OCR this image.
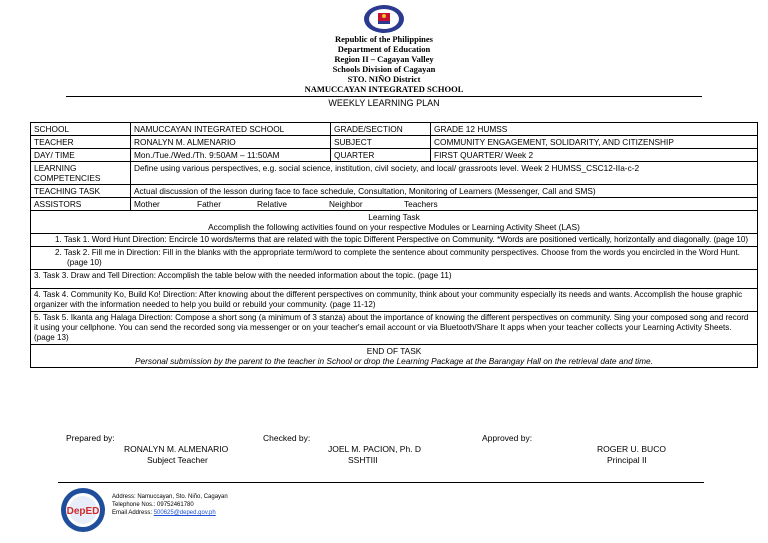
Republic of the Philippines
Department of Education
Region II – Cagayan Valley
Schools Division of Cagayan
STO. NIÑO District
NAMUCCAYAN INTEGRATED SCHOOL
WEEKLY LEARNING PLAN
SCHOOL	NAMUCCAYAN INTEGRATED SCHOOL	GRADE/SECTION	GRADE 12 HUMSS
TEACHER	RONALYN M. ALMENARIO	SUBJECT	COMMUNITY ENGAGEMENT, SOLIDARITY, AND CITIZENSHIP
DAY/ TIME	Mon./Tue./Wed./Th. 9:50AM – 11:50AM	QUARTER	FIRST QUARTER/ Week 2
LEARNING COMPETENCIES	Define using various perspectives, e.g. social science, institution, civil society, and local/ grassroots level. Week 2 HUMSS_CSC12-IIa-c-2		
TEACHING TASK	Actual discussion of the lesson during face to face schedule, Consultation, Monitoring of Learners (Messenger, Call and SMS)		
ASSISTORS	Mother Father Relative Neighbor Teachers		

Learning Task
Accomplish the following activities found on your respective Modules or Learning Activity Sheet (LAS)			

1. Task 1. Word Hunt Direction: Encircle 10 words/terms that are related with the topic Different Perspective on Community. *Words are positioned vertically, horizontally and diagonally. (page 10)			
2. Task 2. Fill me in Direction: Fill in the blanks with the appropriate term/word to complete the sentence about community perspectives. Choose from the words you encircled in the Word Hunt. (page 10)			
3. Task 3. Draw and Tell Direction: Accomplish the table below with the needed information about the topic. (page 11)			
4. Task 4. Community Ko, Build Ko! Direction: After knowing about the different perspectives on community, think about your community especially its needs and wants. Accomplish the house graphic organizer with the information needed to help you build or rebuild your community. (page 11-12)			
5. Task 5. Ikanta ang Halaga Direction: Compose a short song (a minimum of 3 stanza) about the importance of knowing the different perspectives on community. Sing your composed song and record it using your cellphone. You can send the recorded song via messenger or on your teacher's email account or via Bluetooth/Share It apps when your teacher collects your Learning Activity Sheets. (page 13)			

END OF TASK
Personal submission by the parent to the teacher in School or drop the Learning Package at the Barangay Hall on the retrieval date and time.			
Prepared by:
RONALYN M. ALMENARIO
Subject Teacher
Checked by:
JOEL M. PACION, Ph. D
SSHTIII
Approved by:
ROGER U. BUCO
Principal II
DepED
Address: Namuccayan, Sto. Niño, Cagayan
Telephone Nos.: 09752461780
Email Address: 500625@deped.gov.ph
